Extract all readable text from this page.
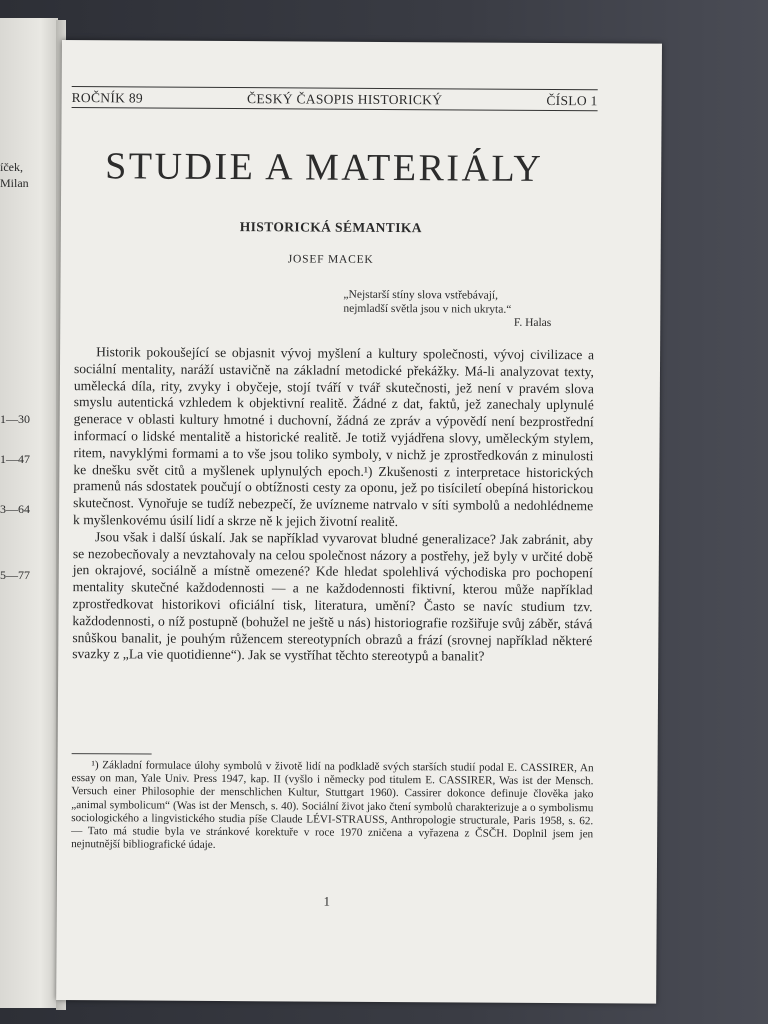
íček,
Milan
1—30
1—47
3—64
5—77
ROČNÍK 89	ČESKÝ ČASOPIS HISTORICKÝ	ČÍSLO 1
STUDIE A MATERIÁLY
HISTORICKÁ SÉMANTIKA
JOSEF MACEK
„Nejstarší stíny slova vstřebávají,
nejmladší světla jsou v nich ukryta.“
F. Halas

Historik pokoušející se objasnit vývoj myšlení a kultury společnosti, vývoj civilizace a sociální mentality, naráží ustavičně na základní metodické překážky. Má-li analyzovat texty, umělecká díla, rity, zvyky i obyčeje, stojí tváří v tvář skutečnosti, jež není v pravém slova smyslu autentická vzhledem k objektivní realitě. Žádné z dat, faktů, jež zanechaly uplynulé generace v oblasti kultury hmotné i duchovní, žádná ze zpráv a výpovědí není bezprostřední informací o lidské mentalitě a historické realitě. Je totiž vyjádřena slovy, uměleckým stylem, ritem, navyklými formami a to vše jsou toliko symboly, v nichž je zprostředkován z minulosti ke dnešku svět citů a myšlenek uplynulých epoch.¹) Zkušenosti z interpretace historických pramenů nás sdostatek poučují o obtížnosti cesty za oponu, jež po tisíciletí obepíná historickou skutečnost. Vynořuje se tudíž nebezpečí, že uvízneme natrvalo v síti symbolů a nedohlédneme k myšlenkovému úsilí lidí a skrze ně k jejich životní realitě.

Jsou však i další úskalí. Jak se například vyvarovat bludné generalizace? Jak zabránit, aby se nezobecňovaly a nevztahovaly na celou společnost názory a postřehy, jež byly v určité době jen okrajové, sociálně a místně omezené? Kde hledat spolehlivá východiska pro pochopení mentality skutečné každodennosti — a ne každodennosti fiktivní, kterou může například zprostředkovat historikovi oficiální tisk, literatura, umění? Často se navíc studium tzv. každodennosti, o níž postupně (bohužel ne ještě u nás) historiografie rozšiřuje svůj záběr, stává snůškou banalit, je pouhým růžencem stereotypních obrazů a frází (srovnej například některé svazky z „La vie quotidienne“). Jak se vystříhat těchto stereotypů a banalit?

¹) Základní formulace úlohy symbolů v životě lidí na podkladě svých starších studií podal E. CASSIRER, An essay on man, Yale Univ. Press 1947, kap. II (vyšlo i německy pod titulem E. CASSIRER, Was ist der Mensch. Versuch einer Philosophie der menschlichen Kultur, Stuttgart 1960). Cassirer dokonce definuje člověka jako „animal symbolicum“ (Was ist der Mensch, s. 40). Sociální život jako čtení symbolů charakterizuje a o symbolismu sociologického a lingvistického studia píše Claude LÉVI-STRAUSS, Anthropologie structurale, Paris 1958, s. 62. — Tato má studie byla ve stránkové korektuře v roce 1970 zničena a vyřazena z ČSČH. Doplnil jsem jen nejnutnější bibliografické údaje.
1
